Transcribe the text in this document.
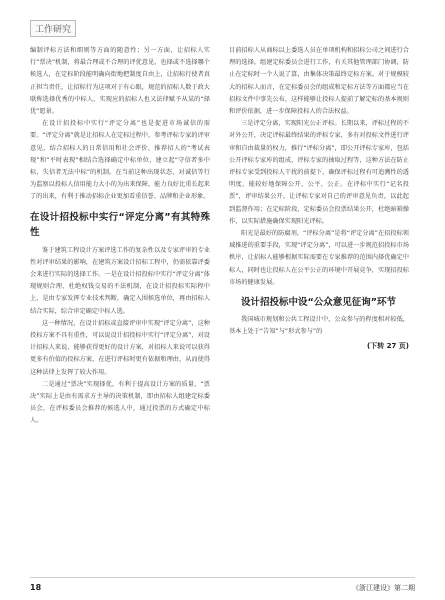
工作研究

编制评标方法和细则等方面的随意性；另一方面，让招标人实行“票决”机制，将最合理或不合理的评优意见，也择或不选择哪个候选人，在定标阶段能明确向街地把制度自由上，让招标行使者真正担当责任，让招标行为这项对于有心眼，规范的招标人数于政大联称选择优秀的中标人，实现应的招标人也又法律赋予从某的“择优”愿景。

在设计招投标中实行“评定分离”也是促进市场诚信的需要。“评定分离”就是让招标人在定标过程中，参考评标专家的评审意见，结合招标人的日常信用和社会评价，推荐招人的“考试表现”和“平时表现”相结合选择确定中标单位，建立起“守信者多中标，失信者无法中标”的机制。在当前这种出现状态，对诚信等行为监察以投标人信用能力大小的为出来保障，能力良好比重长起来了的出来，有利于推动招标企业更加看重信誉、品牌和企业形象。

在设计招投标中实行“评定分离”有其特殊性

鉴于建筑工程设计方案评选工作的复杂性以及专家评审的专业性对评审结果的影响，在建筑方案设计招标工程中，仍需依靠评委会来进行实际的选择工作。一是在设计招投标中实行“评定分离”体现规则合理、杜绝权钱交易的不法机制，在设计招投标实际程中上，是由专家发挥专业技术判断，确定入围候选单位，再由招标人结合实际，综合审定确定中标人选。

这一种情况，在设计招标或直接评审中实现“评定分离”，这种投标方案不具有重性，可以说设计招投标中实行“评定分离”，对设计招标人来说，能够获得更好的设计方案，对招标人来说可以获得更多有价值的投标方案，在进行评标时更有依据和理由，从而使得这种法律上发挥了较大作用。

二是通过“票决”实现择优，有利于提高设计方案的质量，“票决”实际上是由有需求方主导的决策机制，即由招标人组建定标委员会，在评标委员会推荐的候选人中，通过投票的方式确定中标人。

目前招标人从商标以上委选人员在单项机构和招标公司之间进行合理的选择，组建定标委员会进行工作，有关其他管理部门协调，防止在定标时一个人说了算，由集体决策最终定标方案。对于规模较大的招标人而言，在定标委员会的组成和定标方法等方面都应当在招标文件中事先公布，这样能够让投标人提前了解定标的基本规则和评价依据，进一步保障投标人的合法权益。

三是评定分离，实现阳光公正评标。长期以来，评标过程的不对外公开，决定评标最终结果的评标专家，多有对投标文件进行评审和自由裁量的权力，推行“评标分离”，即公开评标专家库，包括公开评标专家库的组成，评标专家的抽取过程等，这种方法在防止评标专家受到投标人干扰的前提下，确保评标过程有可追溯性的透明度，能较好地保障公开、公平、公正。在评标中实行“记名投票”，评审结果公开，让评标专家对自己的评审意见负责，以此起到监督作用；在定标阶段，定标委员会投票结果公开，杜绝暗箱操作，以实际措施确保实现阳光评标。

阳光是最好的防腐剂，“评标分离”是将“评定分离”在招投标领域推进的重要手段，实现“评定分离”，可以进一步规范招投标市场秩序，让招标人能够根据实际需要在专家推荐的范围内择优确定中标人，同时也让投标人在公平公正的环境中开展竞争，实现招投标市场的健康发展。

设计招投标中设“公众意见征询”环节

我国城市规划和公共工程设计中，公众参与的程度相对较低，基本上处于“告知”与“形式参与”的

(下转 27 页)
18	《浙江建设》第二期
